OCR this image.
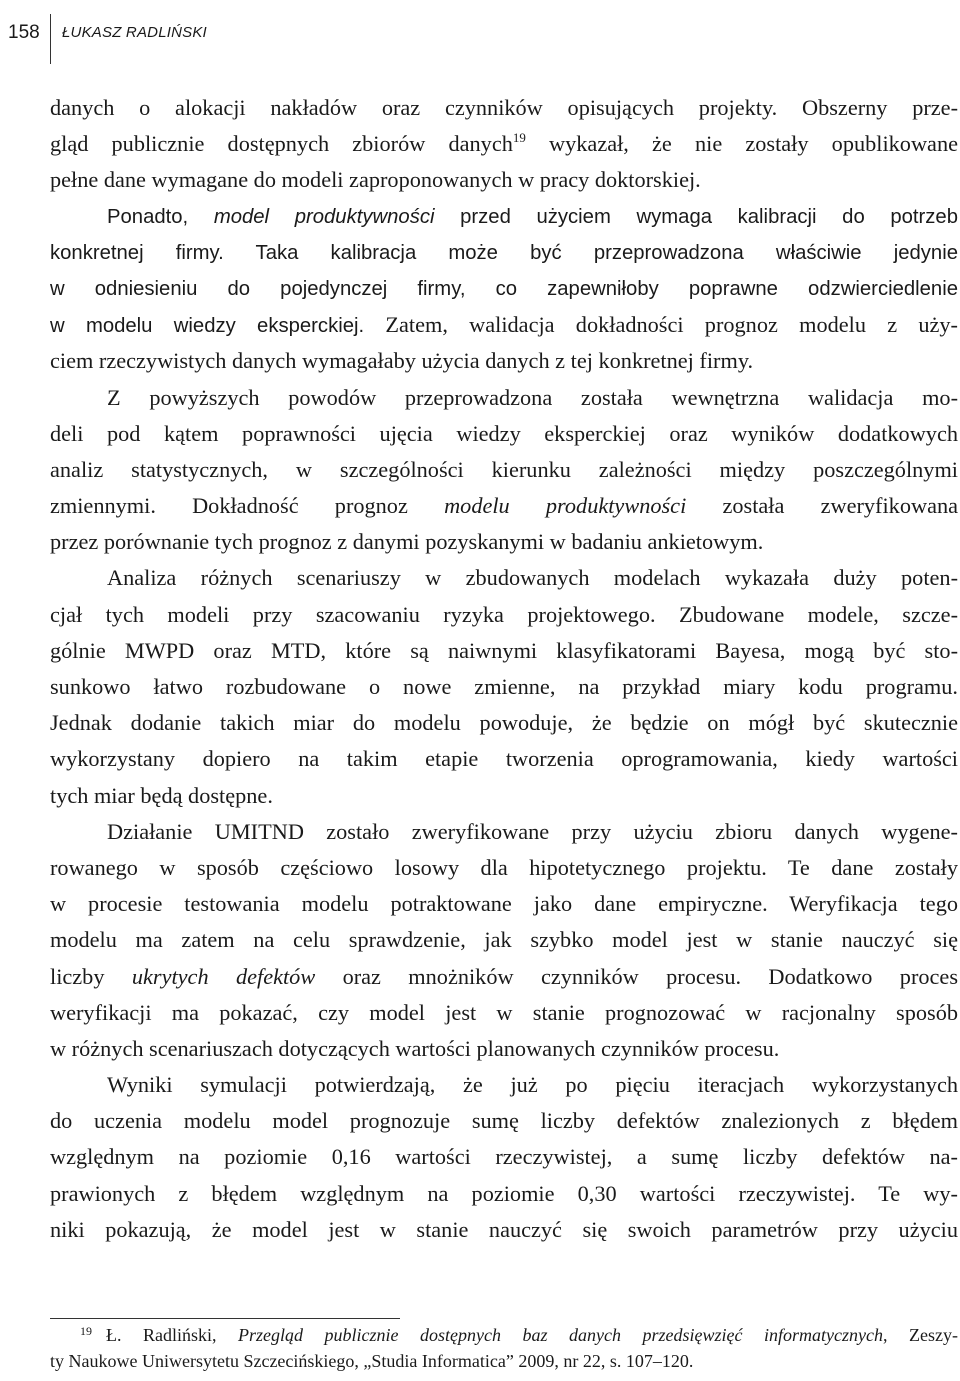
158 ŁUKASZ RADLIŃSKI
danych o alokacji nakładów oraz czynników opisujących projekty. Obszerny prze-
gląd publicznie dostępnych zbiorów danych$^{19}$ wykazał, że nie zostały opublikowane
pełne dane wymagane do modeli zaproponowanych w pracy doktorskiej.
Ponadto, model produktywności przed użyciem wymaga kalibracji do potrzeb
konkretnej firmy. Taka kalibracja może być przeprowadzona właściwie jedynie
w odniesieniu do pojedynczej firmy, co zapewniłoby poprawne odzwierciedlenie
w modelu wiedzy eksperckiej. Zatem, walidacja dokładności prognoz modelu z uży-
ciem rzeczywistych danych wymagałaby użycia danych z tej konkretnej firmy.
Z powyższych powodów przeprowadzona została wewnętrzna walidacja mo-
deli pod kątem poprawności ujęcia wiedzy eksperckiej oraz wyników dodatkowych
analiz statystycznych, w szczególności kierunku zależności między poszczególnymi
zmiennymi. Dokładność prognoz modelu produktywności została zweryfikowana
przez porównanie tych prognoz z danymi pozyskanymi w badaniu ankietowym.
Analiza różnych scenariuszy w zbudowanych modelach wykazała duży poten-
cjał tych modeli przy szacowaniu ryzyka projektowego. Zbudowane modele, szcze-
gólnie MWPD oraz MTD, które są naiwnymi klasyfikatorami Bayesa, mogą być sto-
sunkowo łatwo rozbudowane o nowe zmienne, na przykład miary kodu programu.
Jednak dodanie takich miar do modelu powoduje, że będzie on mógł być skutecznie
wykorzystany dopiero na takim etapie tworzenia oprogramowania, kiedy wartości
tych miar będą dostępne.
Działanie UMITND zostało zweryfikowane przy użyciu zbioru danych wygene-
rowanego w sposób częściowo losowy dla hipotetycznego projektu. Te dane zostały
w procesie testowania modelu potraktowane jako dane empiryczne. Weryfikacja tego
modelu ma zatem na celu sprawdzenie, jak szybko model jest w stanie nauczyć się
liczby ukrytych defektów oraz mnożników czynników procesu. Dodatkowo proces
weryfikacji ma pokazać, czy model jest w stanie prognozować w racjonalny sposób
w różnych scenariuszach dotyczących wartości planowanych czynników procesu.
Wyniki symulacji potwierdzają, że już po pięciu iteracjach wykorzystanych
do uczenia modelu model prognozuje sumę liczby defektów znalezionych z błędem
względnym na poziomie 0,16 wartości rzeczywistej, a sumę liczby defektów na-
prawionych z błędem względnym na poziomie 0,30 wartości rzeczywistej. Te wy-
niki pokazują, że model jest w stanie nauczyć się swoich parametrów przy użyciu
19 Ł. Radliński, Przegląd publicznie dostępnych baz danych przedsięwzięć informatycznych, Zeszy-
ty Naukowe Uniwersytetu Szczecińskiego, „Studia Informatica” 2009, nr 22, s. 107–120.
